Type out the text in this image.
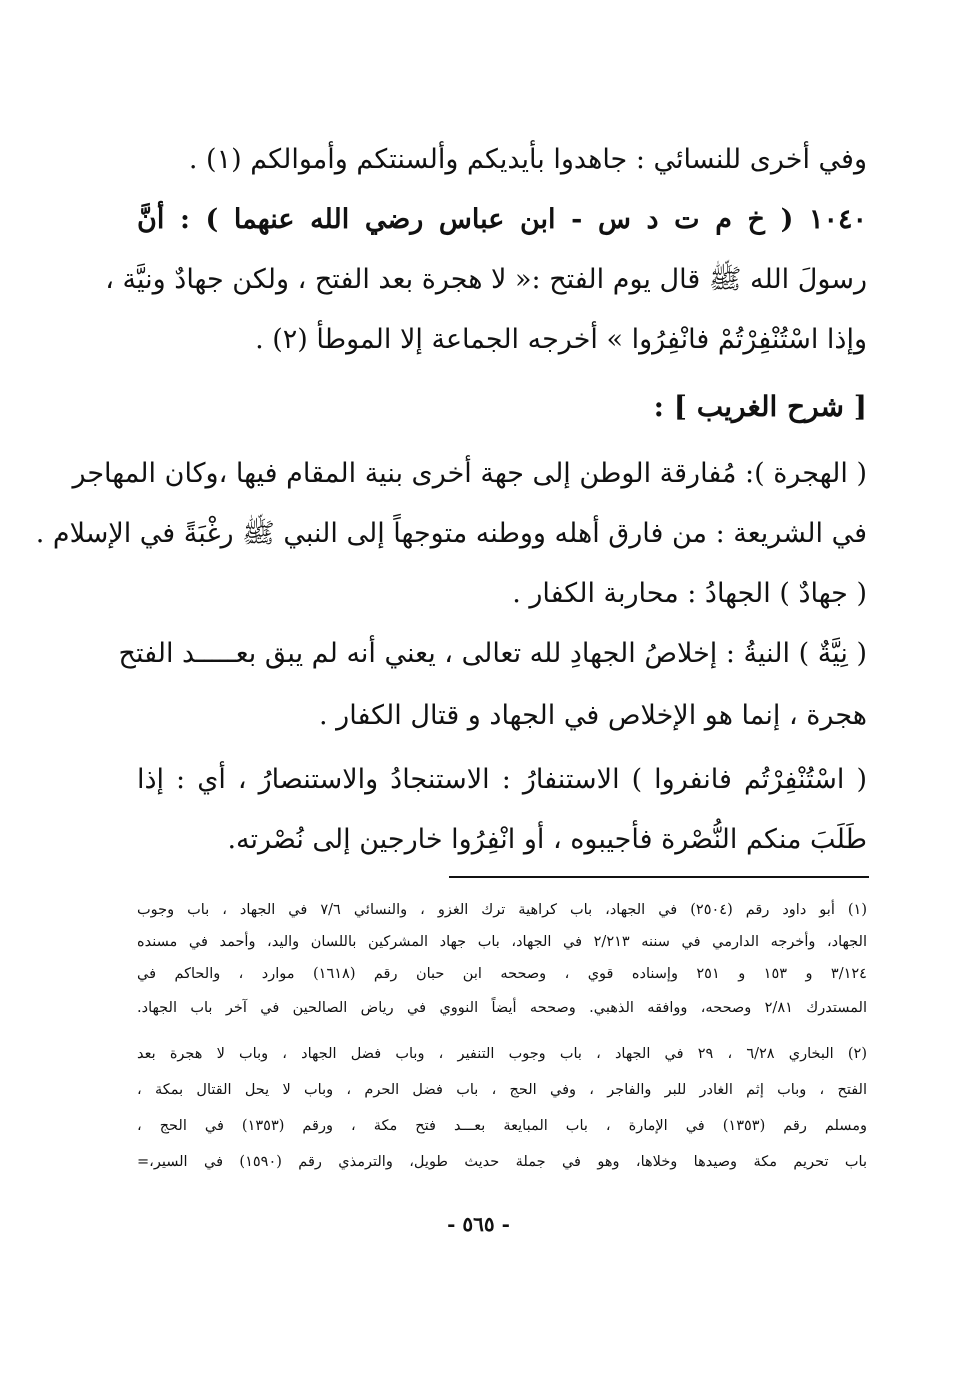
وفي أخرى للنسائي : جاهدوا بأيديكم وألسنتكم وأموالكم (١) .
١٠٤٠ ( خ م ت د س - ابن عباس رضي الله عنهما ) : أنَّ
رسولَ الله ﷺ قال يوم الفتح :« لا هجرة بعد الفتح ، ولكن جهادٌ ونيَّة ،
وإذا اسْتُنْفِرْتُمْ فانْفِرُوا » أخرجه الجماعة إلا الموطأ (٢) .
[ شرح الغريب ] :
( الهجرة ): مُفارقة الوطن إلى جهة أخرى بنية المقام فيها ،وكان المهاجر
في الشريعة : من فارق أهله ووطنه متوجهاً إلى النبي ﷺ رغْبَةً في الإسلام .
( جهادٌ ) الجهادُ : محاربة الكفار .
( نِيَّةٌ ) النيةُ : إخلاصُ الجهادِ لله تعالى ، يعني أنه لم يبق بعـــــد الفتح
هجرة ، إنما هو الإخلاص في الجهاد و قتال الكفار .
( اسْتُنْفِرْتُم فانفروا ) الاستنفارُ : الاستنجادُ والاستنصارُ ، أي : إذا
طَلَبَ منكم النُّصْرة فأجيبوه ، أو انْفِرُوا خارجين إلى نُصْرته.
(١) أبو داود رقم (٢٥٠٤) في الجهاد، باب كراهية ترك الغزو ، والنسائي ٧/٦ في الجهاد ، باب وجوب
الجهاد، وأخرجه الدارمي في سننه ٢/٢١٣ في الجهاد، باب جهاد المشركين باللسان واليد، وأحمد في مسنده
٣/١٢٤ و ١٥٣ و ٢٥١ وإسناده قوي ، وصححه ابن حبان رقم (١٦١٨) موارد ، والحاكم في
المستدرك ٢/٨١ وصححه، ووافقه الذهبي. وصححه أيضاً النووي في رياض الصالحين في آخر باب الجهاد.
(٢) البخاري ٦/٢٨ ، ٢٩ في الجهاد ، باب وجوب التنفير ، وباب فضل الجهاد ، وباب لا هجرة بعد
الفتح ، وباب إثم الغادر للبر والفاجر ، وفي الحج ، باب فضل الحرم ، وباب لا يحل القتال بمكة ،
ومسلم رقم (١٣٥٣) في الإمارة ، باب المبايعة بعـــد فتح مكة ، ورقم (١٣٥٣) في الحج ،
باب تحريم مكة وصيدها وخلاها، وهو في جملة حديث طويل، والترمذي رقم (١٥٩٠) في السير،=
- ٥٦٥ -
